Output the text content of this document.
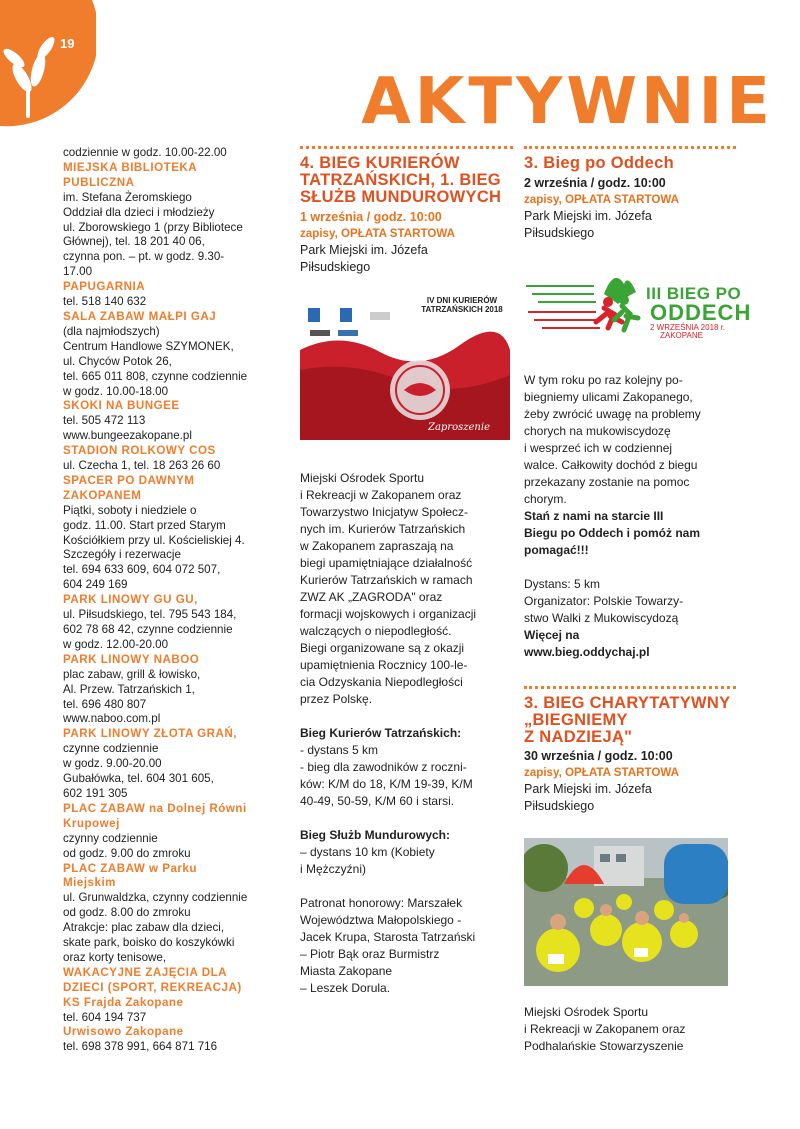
19
AKTYWNIE
codziennie w godz. 10.00-22.00
MIEJSKA BIBLIOTEKA
PUBLICZNA
im. Stefana Żeromskiego
Oddział dla dzieci i młodzieży
ul. Zborowskiego 1 (przy Bibliotece
Głównej), tel. 18 201 40 06,
czynna pon. – pt. w godz. 9.30-
17.00
PAPUGARNIA
tel. 518 140 632
SALA ZABAW MAŁPI GAJ
(dla najmłodszych)
Centrum Handlowe SZYMONEK,
ul. Chyców Potok 26,
tel. 665 011 808, czynne codziennie
w godz. 10.00-18.00
SKOKI NA BUNGEE
tel. 505 472 113
www.bungeezakopane.pl
STADION ROLKOWY COS
ul. Czecha 1, tel. 18 263 26 60
SPACER PO DAWNYM
ZAKOPANEM
Piątki, soboty i niedziele o
godz. 11.00. Start przed Starym
Kościółkiem przy ul. Kościeliskiej 4.
Szczegóły i rezerwacje
tel. 694 633 609, 604 072 507,
604 249 169
PARK LINOWY GU GU,
ul. Piłsudskiego, tel. 795 543 184,
602 78 68 42, czynne codziennie
w godz. 12.00-20.00
PARK LINOWY NABOO
plac zabaw, grill & łowisko,
Al. Przew. Tatrzańskich 1,
tel. 696 480 807
www.naboo.com.pl
PARK LINOWY ZŁOTA GRAŃ,
czynne codziennie
w godz. 9.00-20.00
Gubałówka, tel. 604 301 605,
602 191 305
PLAC ZABAW na Dolnej Równi
Krupowej
czynny codziennie
od godz. 9.00 do zmroku
PLAC ZABAW w Parku
Miejskim
ul. Grunwaldzka, czynny codziennie
od godz. 8.00 do zmroku
Atrakcje: plac zabaw dla dzieci,
skate park, boisko do koszykówki
oraz korty tenisowe,
WAKACYJNE ZAJĘCIA DLA
DZIECI (SPORT, REKREACJA)
KS Frajda Zakopane
tel. 604 194 737
Urwisowo Zakopane
tel. 698 378 991, 664 871 716
4. BIEG KURIERÓW
TATRZAŃSKICH, 1. BIEG
SŁUŻB MUNDUROWYCH
1 września / godz. 10:00
zapisy, OPŁATA STARTOWA
Park Miejski im. Józefa
Piłsudskiego
IV DNI KURIERÓW
TATRZAŃSKICH 2018
Zaproszenie
Miejski Ośrodek Sportu
i Rekreacji w Zakopanem oraz
Towarzystwo Inicjatyw Społecz-
nych im. Kurierów Tatrzańskich
w Zakopanem zapraszają na
biegi upamiętniające działalność
Kurierów Tatrzańskich w ramach
ZWZ AK „ZAGRODA" oraz
formacji wojskowych i organizacji
walczących o niepodległość.
Biegi organizowane są z okazji
upamiętnienia Rocznicy 100-le-
cia Odzyskania Niepodległości
przez Polskę.
Bieg Kurierów Tatrzańskich:
- dystans 5 km
- bieg dla zawodników z roczni-
ków: K/M do 18, K/M 19-39, K/M
40-49, 50-59, K/M 60 i starsi.
Bieg Służb Mundurowych:
– dystans 10 km (Kobiety
i Mężczyźni)
Patronat honorowy: Marszałek
Województwa Małopolskiego -
Jacek Krupa, Starosta Tatrzański
– Piotr Bąk oraz Burmistrz
Miasta Zakopane
– Leszek Dorula.
3. Bieg po Oddech
2 września / godz. 10:00
zapisy, OPŁATA STARTOWA
Park Miejski im. Józefa
Piłsudskiego
III BIEG PO
ODDECH
2 WRZEŚNIA 2018 r.
ZAKOPANE
W tym roku po raz kolejny po-
biegniemy ulicami Zakopanego,
żeby zwrócić uwagę na problemy
chorych na mukowiscydozę
i wesprzeć ich w codziennej
walce. Całkowity dochód z biegu
przekazany zostanie na pomoc
chorym.
Stań z nami na starcie III
Biegu po Oddech i pomóż nam
pomagać!!!
Dystans: 5 km
Organizator: Polskie Towarzy-
stwo Walki z Mukowiscydozą
Więcej na
www.bieg.oddychaj.pl
3. BIEG CHARYTATYWNY
„BIEGNIEMY
Z NADZIEJĄ"
30 września / godz. 10:00
zapisy, OPŁATA STARTOWA
Park Miejski im. Józefa
Piłsudskiego
Miejski Ośrodek Sportu
i Rekreacji w Zakopanem oraz
Podhalańskie Stowarzyszenie
